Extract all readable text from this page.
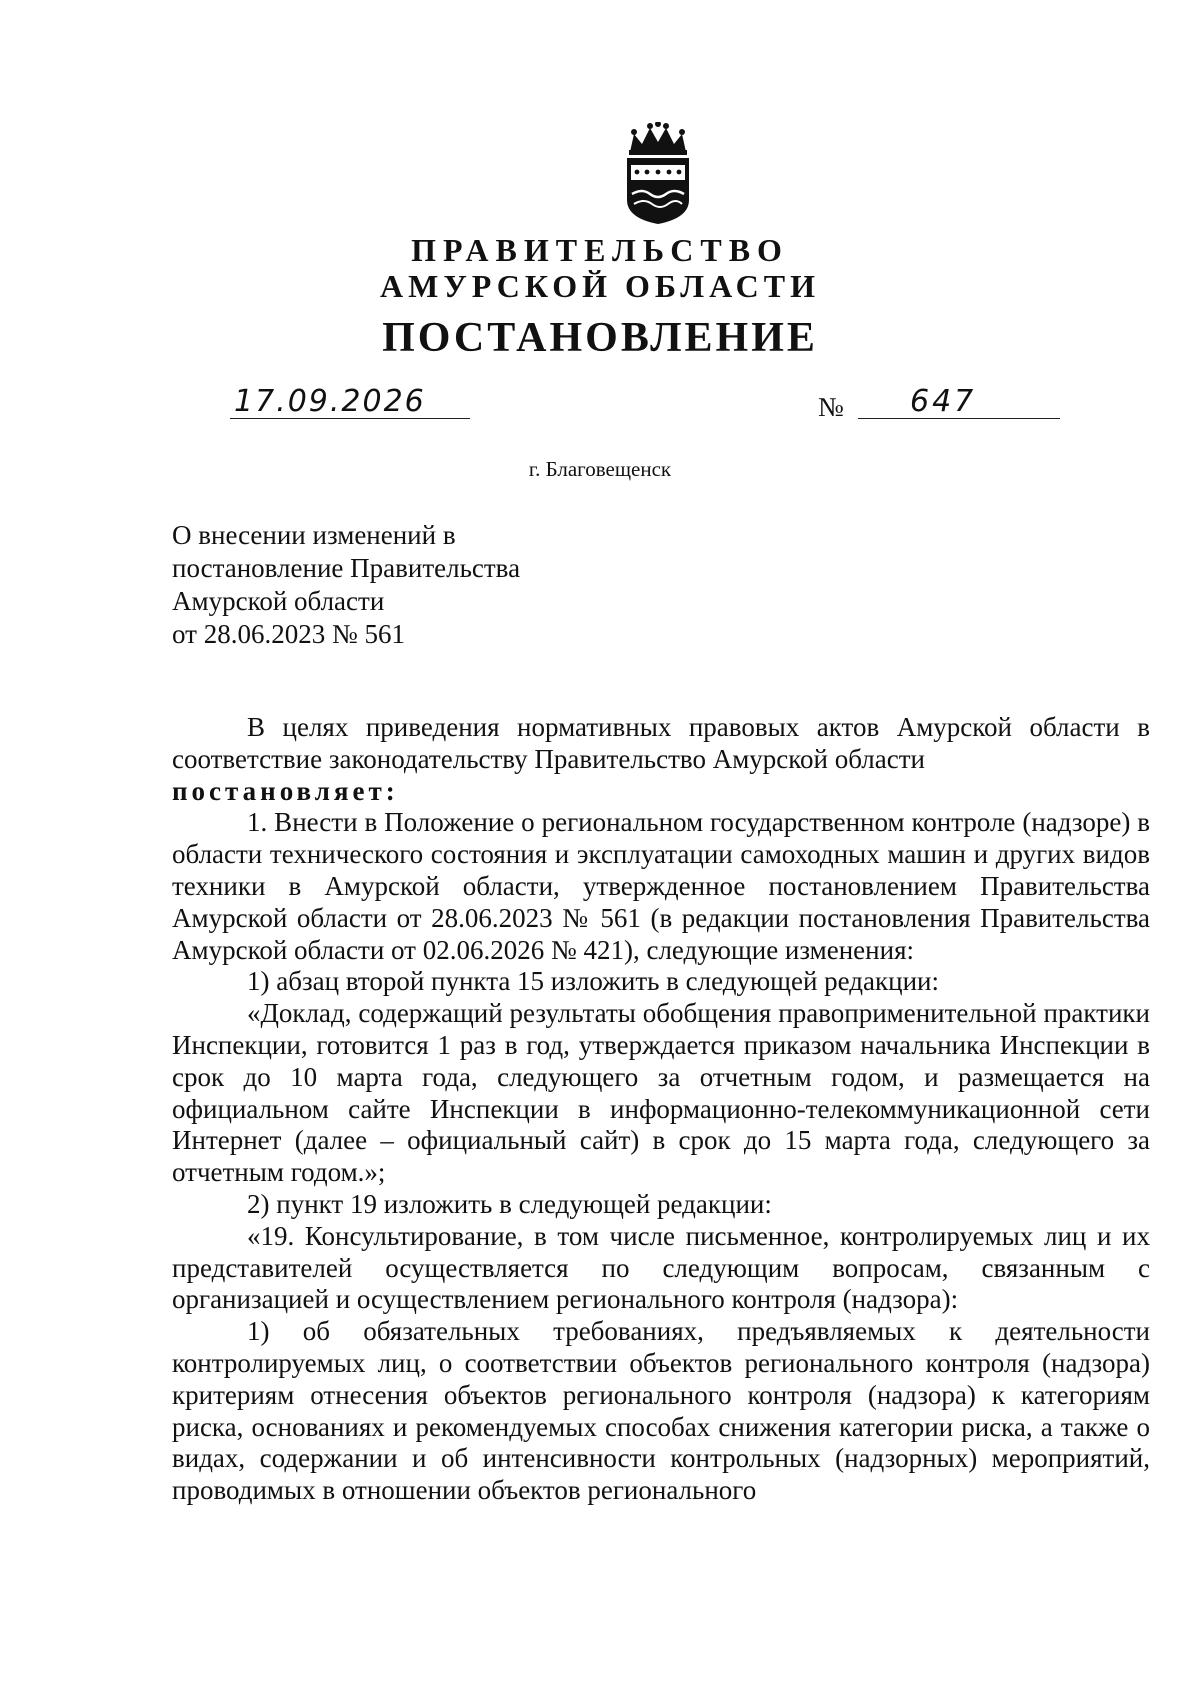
ПРАВИТЕЛЬСТВО
АМУРСКОЙ ОБЛАСТИ
ПОСТАНОВЛЕНИЕ
17.09.2026	№ 647
г. Благовещенск
О внесении изменений в
постановление Правительства
Амурской области
от 28.06.2023 № 561

В целях приведения нормативных правовых актов Амурской области в соответствие законодательству Правительство Амурской области

постановляет:

1. Внести в Положение о региональном государственном контроле (надзоре) в области технического состояния и эксплуатации самоходных машин и других видов техники в Амурской области, утвержденное постановлением Правительства Амурской области от 28.06.2023 № 561 (в редакции постановления Правительства Амурской области от 02.06.2026 № 421), следующие изменения:

1) абзац второй пункта 15 изложить в следующей редакции:

«Доклад, содержащий результаты обобщения правоприменительной практики Инспекции, готовится 1 раз в год, утверждается приказом начальника Инспекции в срок до 10 марта года, следующего за отчетным годом, и размещается на официальном сайте Инспекции в информационно-телекоммуникационной сети Интернет (далее – официальный сайт) в срок до 15 марта года, следующего за отчетным годом.»;

2) пункт 19 изложить в следующей редакции:

«19. Консультирование, в том числе письменное, контролируемых лиц и их представителей осуществляется по следующим вопросам, связанным с организацией и осуществлением регионального контроля (надзора):

1) об обязательных требованиях, предъявляемых к деятельности контролируемых лиц, о соответствии объектов регионального контроля (надзора) критериям отнесения объектов регионального контроля (надзора) к категориям риска, основаниях и рекомендуемых способах снижения категории риска, а также о видах, содержании и об интенсивности контрольных (надзорных) мероприятий, проводимых в отношении объектов регионального
